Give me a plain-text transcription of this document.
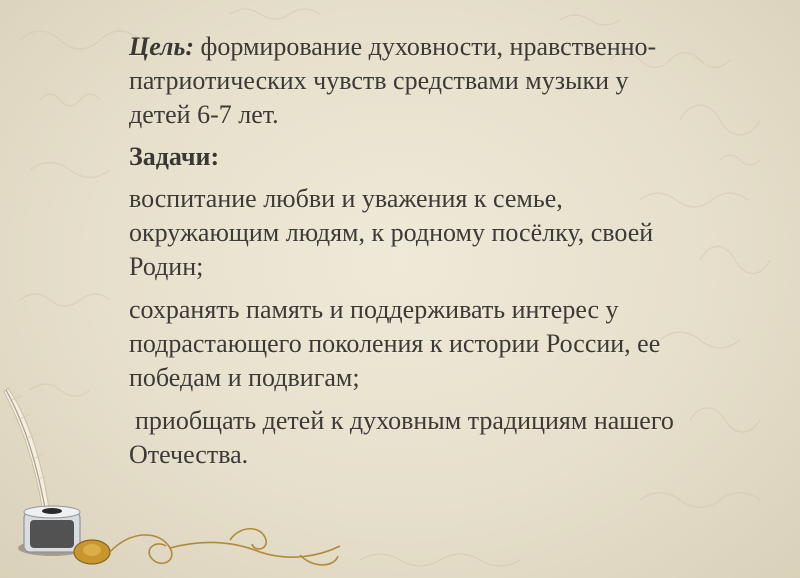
Цель: формирование духовности, нравственно-патриотических чувств средствами музыки у детей 6-7 лет.
Задачи:
воспитание любви и уважения к семье, окружающим людям, к родному посёлку, своей Родин;
сохранять память и поддерживать интерес у подрастающего поколения к истории России, ее победам и подвигам;
приобщать детей к духовным традициям нашего Отечества.
